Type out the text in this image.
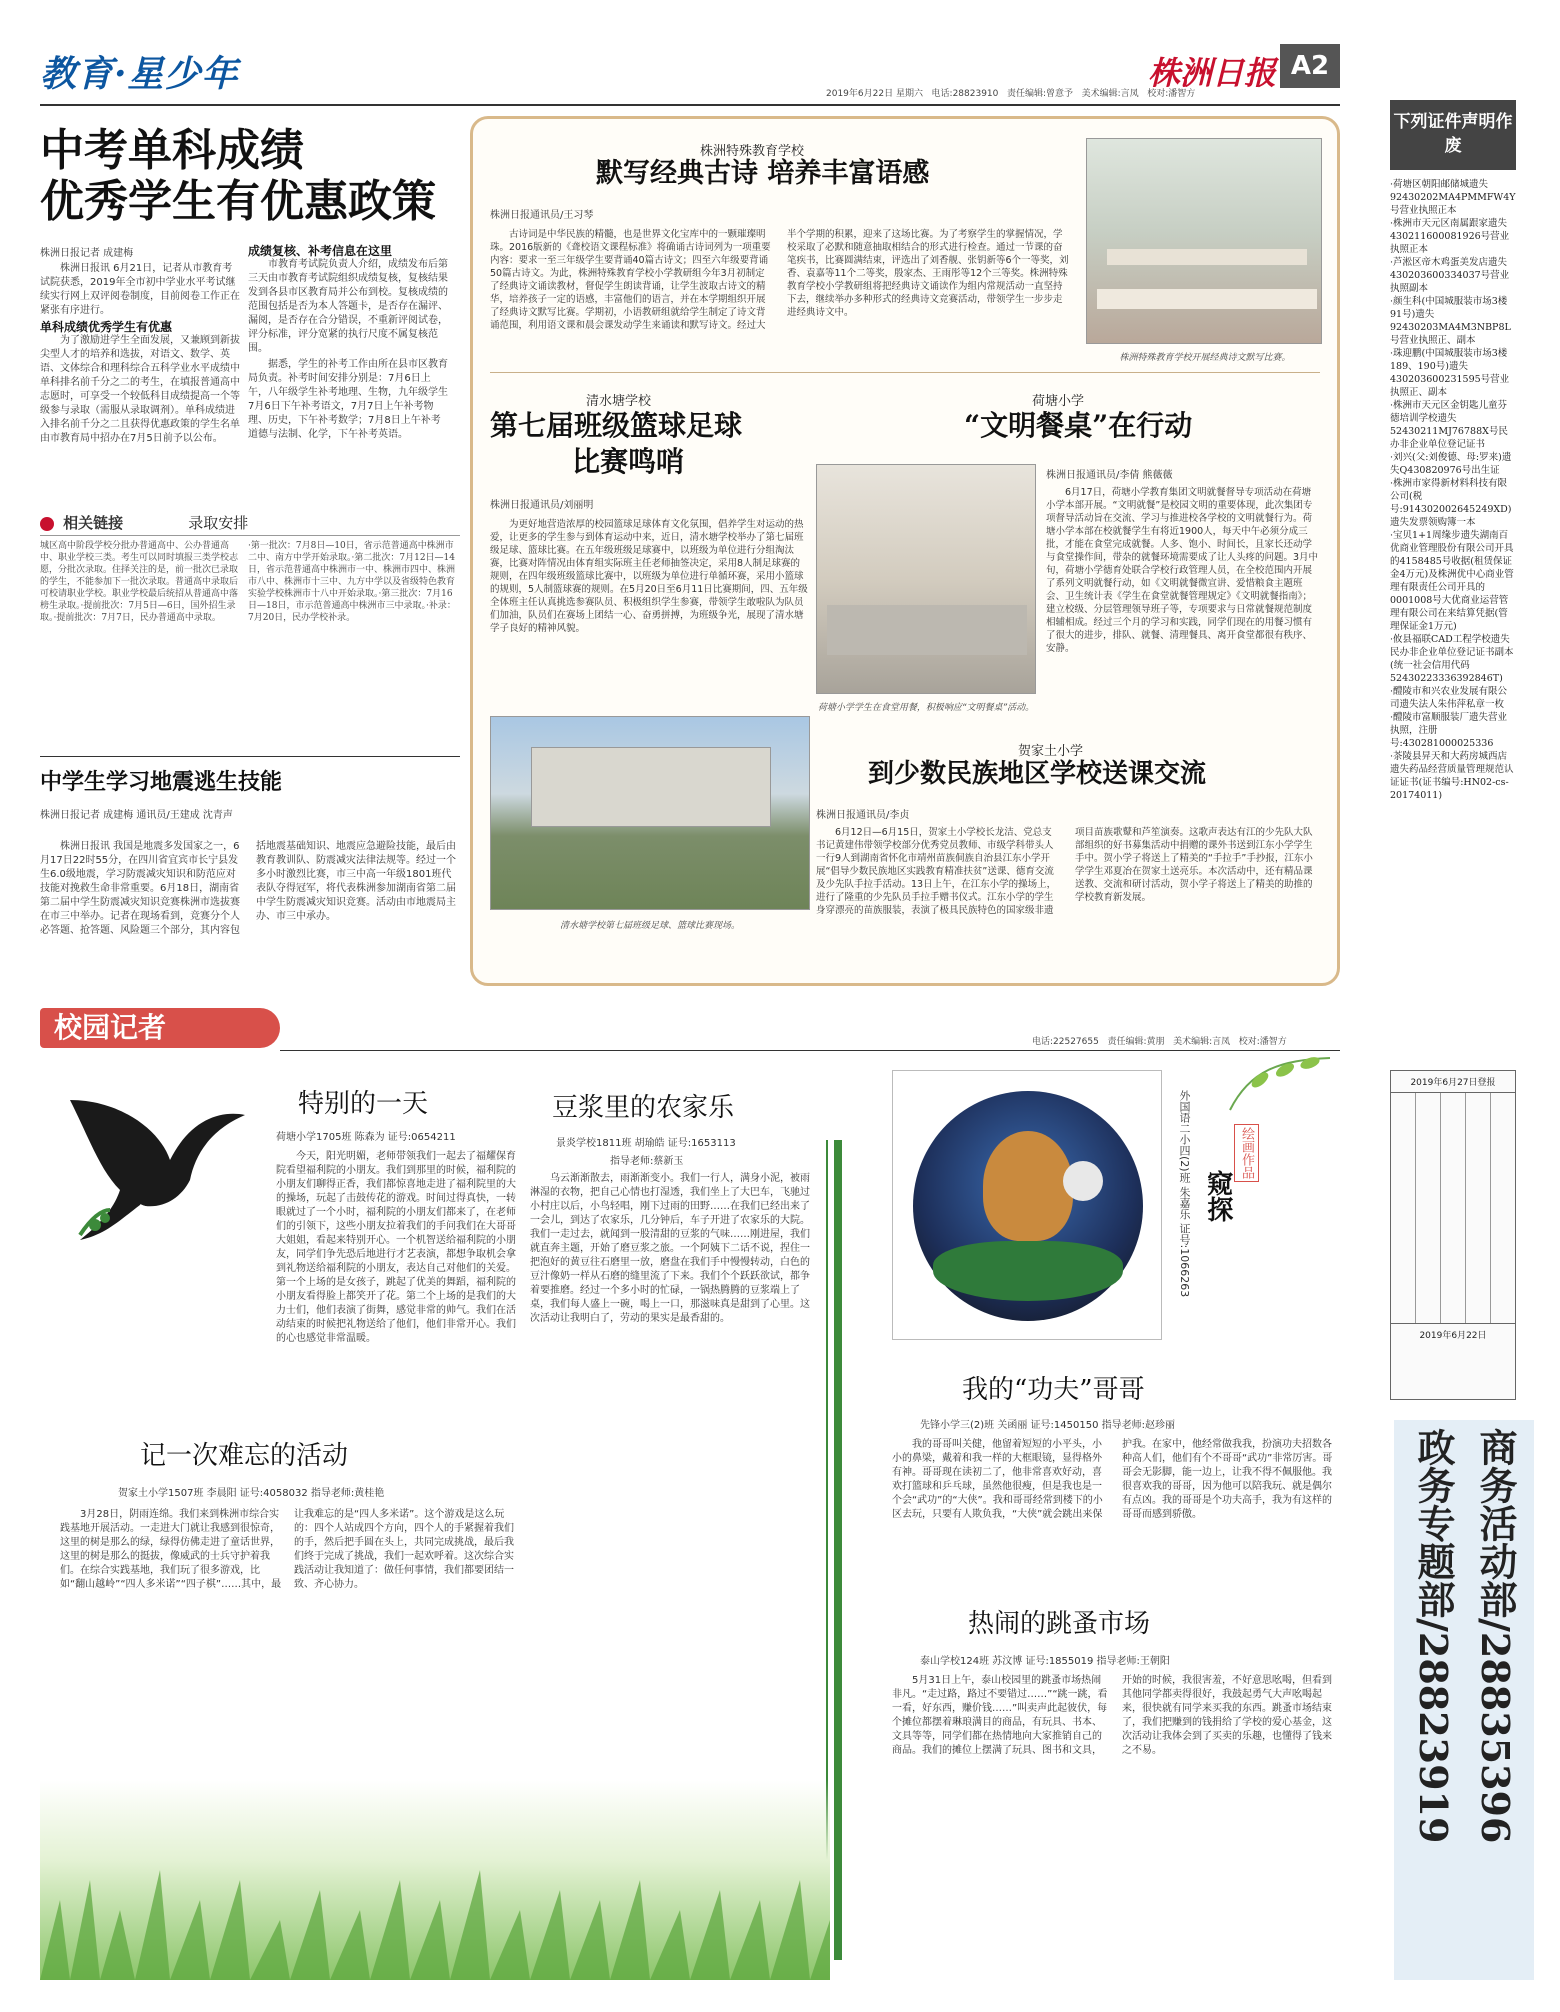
教育·星少年	株洲日报 A2
2019年6月22日 星期六 电话:28823910 责任编辑:曾意予 美术编辑:言凤 校对:潘智方
中考单科成绩
优秀学生有优惠政策
株洲日报记者 成建梅

株洲日报讯 6月21日，记者从市教育考试院获悉，2019年全市初中学业水平考试继续实行网上双评阅卷制度，目前阅卷工作正在紧张有序进行。

单科成绩优秀学生有优惠

为了激励进学生全面发展，又兼顾到新拔尖型人才的培养和选拔，对语文、数学、英语、文体综合和理科综合五科学业水平成绩中单科排名前千分之二的考生，在填报普通高中志愿时，可享受一个较低科目成绩提高一个等级参与录取（需服从录取调剂）。单科成绩进入排名前千分之二且获得优惠政策的学生名单由市教育局中招办在7月5日前予以公布。

成绩复核、补考信息在这里

市教育考试院负责人介绍，成绩发布后第三天由市教育考试院组织成绩复核，复核结果发到各县市区教育局并公布到校。复核成绩的范围包括是否为本人答题卡，是否存在漏评、漏阅，是否存在合分错误，不重新评阅试卷，评分标准，评分宽紧的执行尺度不属复核范围。

据悉，学生的补考工作由所在县市区教育局负责。补考时间安排分别是：7月6日上午，八年级学生补考地理、生物，九年级学生7月6日下午补考语文，7月7日上午补考物理、历史，下午补考数学；7月8日上午补考道德与法制、化学，下午补考英语。

相关链接	录取安排
城区高中阶段学校分批办普通高中、公办普通高中、职业学校三类。考生可以同时填报三类学校志愿，分批次录取。住择关注的是，前一批次已录取的学生，不能参加下一批次录取。普通高中录取后可校请职业学校。职业学校最后统招从普通高中落榜生录取。·提前批次：7月5日—6日，国外招生录取。·提前批次：7月7日，民办普通高中录取。
·第一批次：7月8日—10日，省示范普通高中株洲市二中、南方中学开始录取。·第二批次：7月12日—14日，省示范普通高中株洲市一中、株洲市四中、株洲市八中、株洲市十三中、九方中学以及省级特色教育实验学校株洲市十八中开始录取。·第三批次：7月16日—18日，市示范普通高中株洲市三中录取。·补录：7月20日，民办学校补录。
中学生学习地震逃生技能
株洲日报记者 成建梅 通讯员/王建成 沈青声
株洲日报讯 我国是地震多发国家之一，6月17日22时55分，在四川省宜宾市长宁县发生6.0级地震，学习防震减灾知识和防范应对技能对挽救生命非常重要。6月18日，湖南省第二届中学生防震减灾知识竞赛株洲市选拔赛在市三中举办。记者在现场看到，竞赛分个人必答题、抢答题、风险题三个部分，其内容包括地震基础知识、地震应急避险技能，最后由教育教训队、防震减灾法律法规等。经过一个多小时激烈比赛，市三中高一年级1801班代表队夺得冠军，将代表株洲参加湖南省第二届中学生防震减灾知识竞赛。活动由市地震局主办、市三中承办。
株洲特殊教育学校
默写经典古诗 培养丰富语感
株洲日报通讯员/王习琴
古诗词是中华民族的精髓，也是世界文化宝库中的一颗璀璨明珠。2016版新的《聋校语文课程标准》将确诵古诗词列为一项重要内容：要求一至三年级学生要背诵40篇古诗文；四至六年级要背诵50篇古诗文。为此，株洲特殊教育学校小学教研组今年3月初制定了经典诗文诵读教材，督促学生朗读背诵，让学生波取古诗文的精华，培养孩子一定的语感，丰富他们的语言，并在本学期组织开展了经典诗文默写比赛。学期初，小语教研组就给学生制定了诗文背诵范围，利用语文课和晨会课发动学生来诵读和默写诗文。经过大半个学期的积累，迎来了这场比赛。为了考察学生的掌握情况，学校采取了必默和随意抽取相结合的形式进行检查。通过一节课的奋笔疾书，比赛圆满结束，评选出了刘香舰、张钥新等6个一等奖，刘香、袁嘉等11个二等奖，殷家杰、王雨彤等12个三等奖。株洲特殊教育学校小学教研组将把经典诗文诵读作为组内常规活动一直坚持下去，继续举办多种形式的经典诗文竞赛活动，带领学生一步步走进经典诗文中。
株洲特殊教育学校开展经典诗文默写比赛。
清水塘学校
第七届班级篮球足球
比赛鸣哨
株洲日报通讯员/刘丽明
为更好地营造浓厚的校园篮球足球体育文化氛围，倡养学生对运动的热爱，让更多的学生参与到体育运动中来，近日，清水塘学校举办了第七届班级足球、篮球比赛。在五年级班级足球赛中，以班级为单位进行分组淘汰赛，比赛对阵情况由体育组实际班主任老师抽签决定，采用8人制足球赛的规则，在四年级班级篮球比赛中，以班级为单位进行单循环赛，采用小篮球的规则，5人制篮球赛的规则。在5月20日至6月11日比赛期间，四、五年级全体班主任认真挑选参赛队员、积极组织学生参赛，带领学生敢啦队为队员们加油，队员们在赛场上团结一心、奋勇拼搏，为班级争光，展现了清水塘学子良好的精神风貌。
清水塘学校第七届班级足球、篮球比赛现场。
荷塘小学
“文明餐桌”在行动
荷塘小学学生在食堂用餐，积极响应“文明餐桌”活动。
株洲日报通讯员/李倩 熊薇薇
6月17日，荷塘小学教育集团文明就餐督导专项活动在荷塘小学本部开展。“文明就餐”是校园文明的重要体现，此次集团专项督导活动旨在交流、学习与推进校各学校的文明就餐行为。荷塘小学本部在校就餐学生有将近1900人，每天中午必须分成三批，才能在食堂完成就餐。人多、饱小、时间长，且家长还动学与食堂操作间，带杂的就餐环境需要成了让人头疼的问题。3月中旬，荷塘小学德育处联合学校行政管理人员，在全校范围内开展了系列文明就餐行动，如《文明就餐微宣讲、爱惜粮食主题班会、卫生统计表《学生在食堂就餐管理规定》《文明就餐指南》；建立校级、分层管理领导班子等，专项要求与日常就餐规范制度相辅相成。经过三个月的学习和实践，同学们现在的用餐习惯有了很大的进步，排队、就餐、清理餐具、离开食堂都很有秩序、安静。
贺家土小学
到少数民族地区学校送课交流
株洲日报通讯员/李贞
6月12日—6月15日，贺家土小学校长龙洁、党总支书记黄建伟带领学校部分优秀党员教师、市级学科带头人一行9人到湖南省怀化市靖州苗族侗族自治县江东小学开展“倡导少数民族地区实践教育精准扶贫”送课、德育交流及少先队手拉手活动。13日上午，在江东小学的操场上，进行了隆重的少先队员手拉手赠书仪式。江东小学的学生身穿漂亮的苗族服装，表演了极具民族特色的国家级非遗项目苗族歌鼙和芦笙演奏。这歌声表达有江的少先队大队部组织的好书募集活动中捐赠的课外书送到江东小学学生手中。贺小学子将送上了精美的“手拉手”手抄报，江东小学学生邓夏冶在贺家土送亮乐。本次活动中，还有精品课送教、交流和研讨活动，贺小学子将送上了精美的助推的学校教育新发展。
校园记者	电话:22527655 责任编辑:黄朋 美术编辑:言凤 校对:潘智方
特别的一天
荷塘小学1705班 陈森为 证号:0654211
今天，阳光明媚，老师带领我们一起去了福耀保育院看望福利院的小朋友。我们到那里的时候，福利院的小朋友们聊得正香，我们都惊喜地走进了福利院里的大的操场，玩起了击鼓传花的游戏。时间过得真快，一转眼就过了一个小时，福利院的小朋友们都来了，在老师们的引领下，这些小朋友拉着我们的手问我们在大哥哥大姐姐，看起来特别开心。一个机智送给福利院的小朋友，同学们争先恐后地进行才艺表演，都想争取机会拿到礼物送给福利院的小朋友，表达自己对他们的关爱。第一个上场的是女孩子，跳起了优美的舞蹈，福利院的小朋友看得脸上都笑开了花。第二个上场的是我们的大力士们，他们表演了街舞，感觉非常的帅气。我们在活动结束的时候把礼物送给了他们，他们非常开心。我们的心也感觉非常温暖。
记一次难忘的活动
贺家土小学1507班 李晨阳 证号:4058032 指导老师:黄桂艳
3月28日，阴雨连绵。我们来到株洲市综合实践基地开展活动。一走进大门就让我感到很惊奇，这里的树是那么的绿，绿得仿佛走进了童话世界，这里的树是那么的挺拔，像威武的士兵守护着我们。在综合实践基地，我们玩了很多游戏，比如“翻山越岭”“四人多米诺”“四子棋”……其中，最让我难忘的是“四人多米诺”。这个游戏是这么玩的：四个人站成四个方向，四个人的手紧握着我们的手，然后把手圆在头上，共同完成挑战，最后我们终于完成了挑战，我们一起欢呼着。这次综合实践活动让我知道了：做任何事情，我们都要团结一致、齐心协力。
豆浆里的农家乐
景炎学校1811班 胡瑜皓 证号:1653113
指导老师:蔡新玉
乌云渐渐散去，雨渐渐变小。我们一行人，满身小泥，被雨淋湿的衣物，把自己心情也打湿透，我们坐上了大巴车，飞驰过小村庄以后，小鸟轻唱，刚下过雨的田野……在我们已经出来了一会儿，到达了农家乐，几分钟后，车子开进了农家乐的大院。我们一走过去，就闻到一股清甜的豆浆的气味……刚进屋，我们就直奔主题，开始了磨豆浆之旅。一个阿姨下二话不说，捏住一把泡好的黄豆往石磨里一放，磨盘在我们手中慢慢转动，白色的豆汁像奶一样从石磨的缝里流了下来。我们个个跃跃欲试，都争着要推磨。经过一个多小时的忙碌，一锅热腾腾的豆浆端上了桌，我们每人盛上一碗，喝上一口，那滋味真是甜到了心里。这次活动让我明白了，劳动的果实是最香甜的。
外国语二小四(2)班 朱嘉乐 证号:1066263	绘画作品
窥探
我的“功夫”哥哥
先锋小学三(2)班 关函丽 证号:1450150 指导老师:赵珍丽
我的哥哥叫关健，他留着短短的小平头，小小的鼻梁，戴着和我一样的大框眼镜，显得格外有神。哥哥现在读初二了，他非常喜欢好动，喜欢打篮球和乒乓球，虽然他很瘦，但是我也是一个会“武功”的“大侠”。我和哥哥经常到楼下的小区去玩，只要有人欺负我，“大侠”就会跳出来保护我。在家中，他经常做我我，扮演功夫招数各种高人们，他们有个不哥哥“武功”非常厉害。哥哥会无影脚，能一边上，让我不得不佩服他。我很喜欢我的哥哥，因为他可以陪我玩、就是偶尔有点凶。我的哥哥是个功夫高手，我为有这样的哥哥而感到骄傲。
热闹的跳蚤市场
泰山学校124班 苏汶博 证号:1855019 指导老师:王朝阳
5月31日上午，泰山校园里的跳蚤市场热闹非凡。“走过路，路过不要错过……”“跳一跳，看一看，好东西，赚价钱……”叫卖声此起彼伏，每个摊位都摆着琳琅满目的商品，有玩具、书本、文具等等，同学们都在热情地向大家推销自己的商品。我们的摊位上摆满了玩具、图书和文具，开始的时候，我很害羞，不好意思吆喝，但看到其他同学都卖得很好，我鼓起勇气大声吆喝起来，很快就有同学来买我的东西。跳蚤市场结束了，我们把赚到的钱捐给了学校的爱心基金，这次活动让我体会到了买卖的乐趣，也懂得了钱来之不易。
下列证件声明作废
·荷塘区朝阳邮储城遗失92430202MA4PMMFW4Y号营业执照正本
·株洲市天元区南属跟家遗失430211600081926号营业执照正本
·芦淞区帝木鸡蛋美发店遗失430203600334037号营业执照副本
·颜生科(中国城服装市场3楼91号)遗失92430203MA4M3NBP8L号营业执照正、副本
·珠迎鹏(中国城服装市场3楼189、190号)遗失430203600231595号营业执照正、副本
·株洲市天元区金钥匙儿童芬德培训学校遗失52430211MJ76788X号民办非企业单位登记证书
·刘兴(父:刘俊德、母:罗来)遗失Q430820976号出生证
·株洲市家得新材料科技有限公司(税号:914302002645249XD)遗失发票领购簿一本
·宝贝1+1周缘步遗失湖南百优商业管理股份有限公司开具的4158485号收据(租赁保证金4万元)及株洲优中心商业管理有限责任公司开具的0001008号大优商业运营管理有限公司在来结算凭据(管理保证金1万元)
·攸县福联CAD工程学校遗失民办非企业单位登记证书副本(统一社会信用代码52430223336392846T)
·醴陵市和兴农业发展有限公司遗失法人朱伟萍私章一枚
·醴陵市富顺服装厂遗失营业执照，注册号:430281000025336
·茶陵县昇天和大药房城西店遗失药品经营质量管理规范认证证书(证书编号:HN02-cs-20174011)
2019年6月27日登报
2019年6月22日
商务活动部/28835396
政务专题部/28823919
